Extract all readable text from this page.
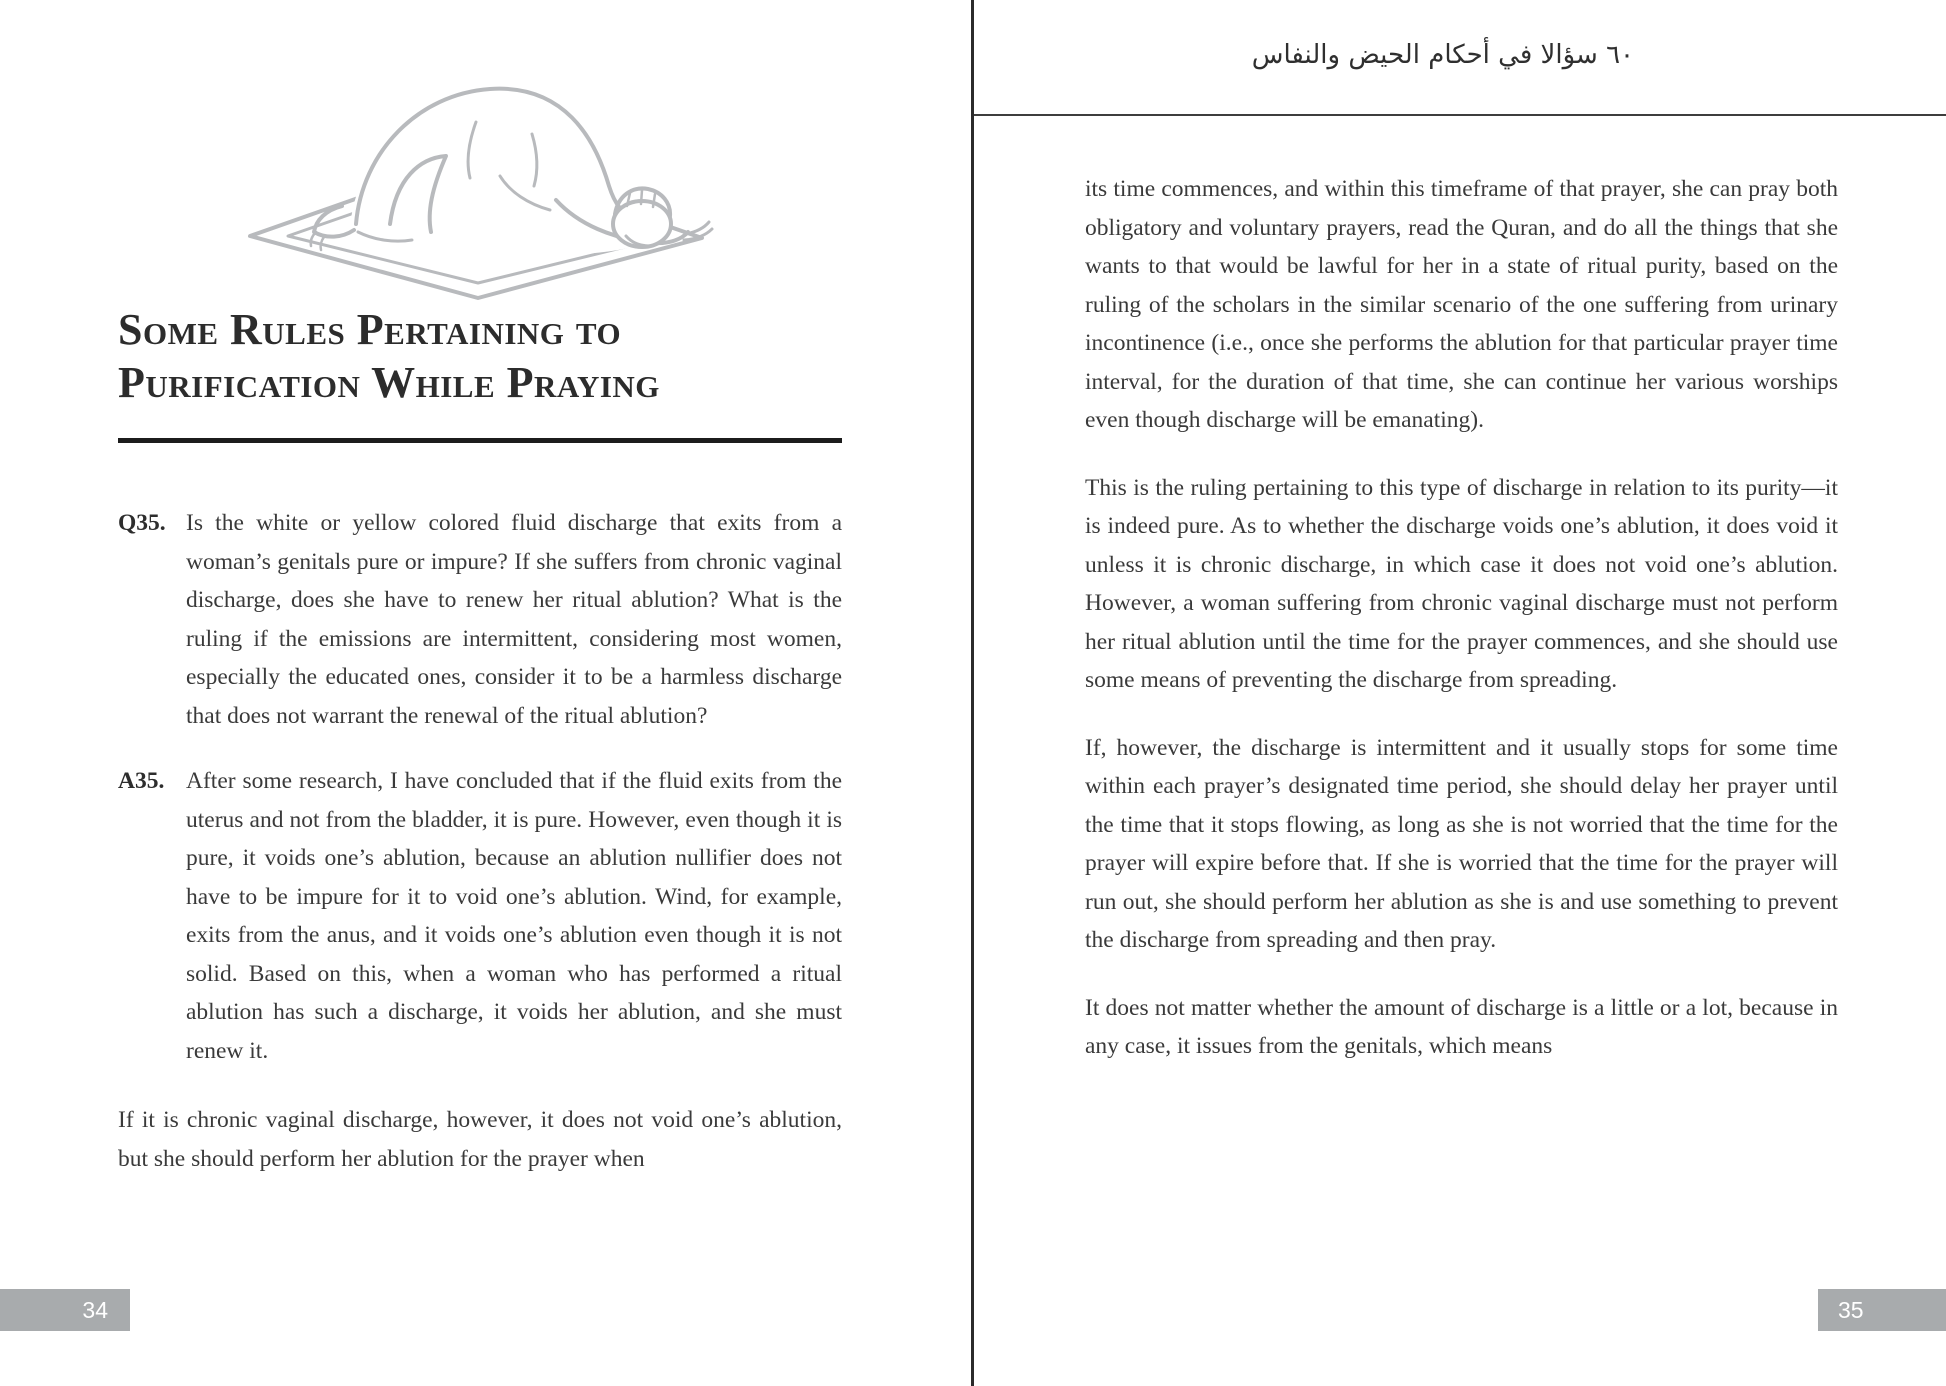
Some Rules Pertaining to
Purification While Praying
Q35. Is the white or yellow colored fluid discharge that exits from a woman’s genitals pure or impure? If she suffers from chronic vaginal discharge, does she have to renew her ritual ablution? What is the ruling if the emissions are intermittent, considering most women, especially the educated ones, consider it to be a harmless discharge that does not warrant the renewal of the ritual ablution?

A35. After some research, I have concluded that if the fluid exits from the uterus and not from the bladder, it is pure. However, even though it is pure, it voids one’s ablution, because an ablution nullifier does not have to be impure for it to void one’s ablution. Wind, for example, exits from the anus, and it voids one’s ablution even though it is not solid. Based on this, when a woman who has performed a ritual ablution has such a discharge, it voids her ablution, and she must renew it.

If it is chronic vaginal discharge, however, it does not void one’s ablution, but she should perform her ablution for the prayer when

34
٦٠ سؤالا في أحكام الحيض والنفاس

its time commences, and within this timeframe of that prayer, she can pray both obligatory and voluntary prayers, read the Quran, and do all the things that she wants to that would be lawful for her in a state of ritual purity, based on the ruling of the scholars in the similar scenario of the one suffering from urinary incontinence (i.e., once she performs the ablution for that particular prayer time interval, for the duration of that time, she can continue her various worships even though discharge will be emanating).

This is the ruling pertaining to this type of discharge in relation to its purity—it is indeed pure. As to whether the discharge voids one’s ablution, it does void it unless it is chronic discharge, in which case it does not void one’s ablution. However, a woman suffering from chronic vaginal discharge must not perform her ritual ablution until the time for the prayer commences, and she should use some means of preventing the discharge from spreading.

If, however, the discharge is intermittent and it usually stops for some time within each prayer’s designated time period, she should delay her prayer until the time that it stops flowing, as long as she is not worried that the time for the prayer will expire before that. If she is worried that the time for the prayer will run out, she should perform her ablution as she is and use something to prevent the discharge from spreading and then pray.

It does not matter whether the amount of discharge is a little or a lot, because in any case, it issues from the genitals, which means

35
